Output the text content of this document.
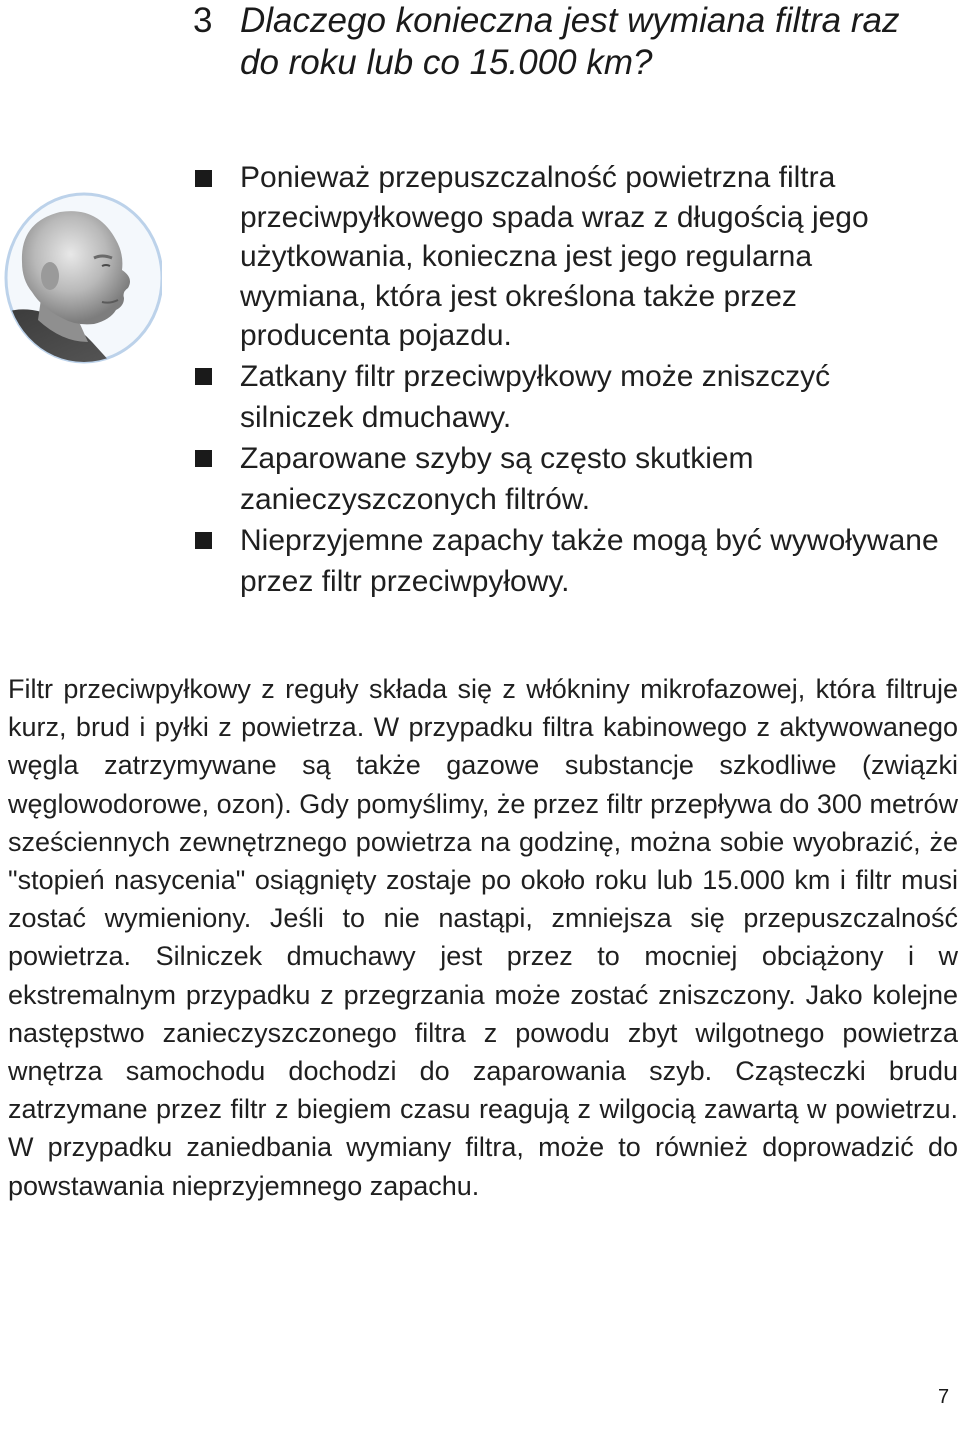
3 Dlaczego konieczna jest wymiana filtra raz do roku lub co 15.000 km?
Ponieważ przepuszczalność powietrzna filtra przeciwpyłkowego spada wraz z długością jego użytkowania, konieczna jest jego regularna wymiana, która jest określona także przez producenta pojazdu.
Zatkany filtr przeciwpyłkowy może zniszczyć silniczek dmuchawy.
Zaparowane szyby są często skutkiem zanieczyszczonych filtrów.
Nieprzyjemne zapachy także mogą być wywoływane przez filtr przeciwpyłowy.

Filtr przeciwpyłkowy z reguły składa się z włókniny mikrofazowej, która filtruje kurz, brud i pyłki z powietrza. W przypadku filtra kabinowego z aktywowanego węgla zatrzymywane są także gazowe substancje szkodliwe (związki węglowodorowe, ozon). Gdy pomyślimy, że przez filtr przepływa do 300 metrów sześciennych zewnętrznego powietrza na godzinę, można sobie wyobrazić, że "stopień nasycenia" osiągnięty zostaje po około roku lub 15.000 km i filtr musi zostać wymieniony. Jeśli to nie nastąpi, zmniejsza się przepuszczalność powietrza. Silniczek dmuchawy jest przez to mocniej obciążony i w ekstremalnym przypadku z przegrzania może zostać zniszczony. Jako kolejne następstwo zanieczyszczonego filtra z powodu zbyt wilgotnego powietrza wnętrza samochodu dochodzi do zaparowania szyb. Cząsteczki brudu zatrzymane przez filtr z biegiem czasu reagują z wilgocią zawartą w powietrzu. W przypadku zaniedbania wymiany filtra, może to również doprowadzić do powstawania nieprzyjemnego zapachu.

7
